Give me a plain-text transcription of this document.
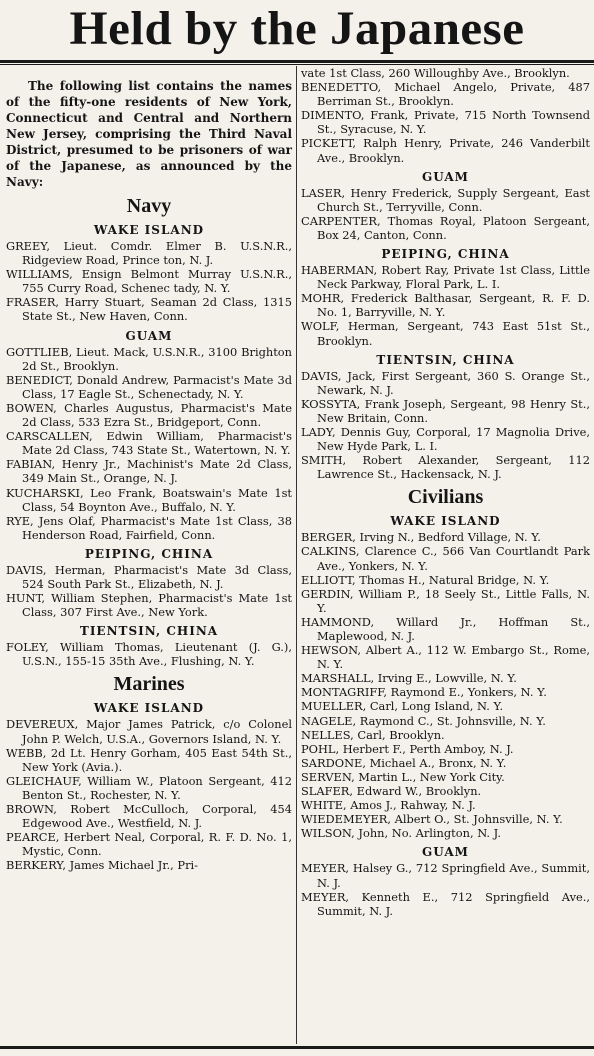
Held by the Japanese
The following list contains the names of the fifty-one residents of New York, Connecticut and Central and Northern New Jersey, comprising the Third Naval District, presumed to be prisoners of war of the Japanese, as announced by the Navy:
Navy
WAKE ISLAND
GREEY, Lieut. Comdr. Elmer B. U.S.N.R., Ridgeview Road, Prince ton, N. J.
WILLIAMS, Ensign Belmont Murray U.S.N.R., 755 Curry Road, Schenec tady, N. Y.
FRASER, Harry Stuart, Seaman 2d Class, 1315 State St., New Haven, Conn.
GUAM
GOTTLIEB, Lieut. Mack, U.S.N.R., 3100 Brighton 2d St., Brooklyn.
BENEDICT, Donald Andrew, Parmacist's Mate 3d Class, 17 Eagle St., Schenectady, N. Y.
BOWEN, Charles Augustus, Pharmacist's Mate 2d Class, 533 Ezra St., Bridgeport, Conn.
CARSCALLEN, Edwin William, Pharmacist's Mate 2d Class, 743 State St., Watertown, N. Y.
FABIAN, Henry Jr., Machinist's Mate 2d Class, 349 Main St., Orange, N. J.
KUCHARSKI, Leo Frank, Boatswain's Mate 1st Class, 54 Boynton Ave., Buffalo, N. Y.
RYE, Jens Olaf, Pharmacist's Mate 1st Class, 38 Henderson Road, Fairfield, Conn.
PEIPING, CHINA
DAVIS, Herman, Pharmacist's Mate 3d Class, 524 South Park St., Elizabeth, N. J.
HUNT, William Stephen, Pharmacist's Mate 1st Class, 307 First Ave., New York.
TIENTSIN, CHINA
FOLEY, William Thomas, Lieutenant (J. G.), U.S.N., 155-15 35th Ave., Flushing, N. Y.
Marines
WAKE ISLAND
DEVEREUX, Major James Patrick, c/o Colonel John P. Welch, U.S.A., Governors Island, N. Y.
WEBB, 2d Lt. Henry Gorham, 405 East 54th St., New York (Avia.).
GLEICHAUF, William W., Platoon Sergeant, 412 Benton St., Rochester, N. Y.
BROWN, Robert McCulloch, Corporal, 454 Edgewood Ave., Westfield, N. J.
PEARCE, Herbert Neal, Corporal, R. F. D. No. 1, Mystic, Conn.
BERKERY, James Michael Jr., Pri-
vate 1st Class, 260 Willoughby Ave., Brooklyn.
BENEDETTO, Michael Angelo, Private, 487 Berriman St., Brooklyn.
DIMENTO, Frank, Private, 715 North Townsend St., Syracuse, N. Y.
PICKETT, Ralph Henry, Private, 246 Vanderbilt Ave., Brooklyn.
GUAM
LASER, Henry Frederick, Supply Sergeant, East Church St., Terryville, Conn.
CARPENTER, Thomas Royal, Platoon Sergeant, Box 24, Canton, Conn.
PEIPING, CHINA
HABERMAN, Robert Ray, Private 1st Class, Little Neck Parkway, Floral Park, L. I.
MOHR, Frederick Balthasar, Sergeant, R. F. D. No. 1, Barryville, N. Y.
WOLF, Herman, Sergeant, 743 East 51st St., Brooklyn.
TIENTSIN, CHINA
DAVIS, Jack, First Sergeant, 360 S. Orange St., Newark, N. J.
KOSSYTA, Frank Joseph, Sergeant, 98 Henry St., New Britain, Conn.
LADY, Dennis Guy, Corporal, 17 Magnolia Drive, New Hyde Park, L. I.
SMITH, Robert Alexander, Sergeant, 112 Lawrence St., Hackensack, N. J.
Civilians
WAKE ISLAND
BERGER, Irving N., Bedford Village, N. Y.
CALKINS, Clarence C., 566 Van Courtlandt Park Ave., Yonkers, N. Y.
ELLIOTT, Thomas H., Natural Bridge, N. Y.
GERDIN, William P., 18 Seely St., Little Falls, N. Y.
HAMMOND, Willard Jr., Hoffman St., Maplewood, N. J.
HEWSON, Albert A., 112 W. Embargo St., Rome, N. Y.
MARSHALL, Irving E., Lowville, N. Y.
MONTAGRIFF, Raymond E., Yonkers, N. Y.
MUELLER, Carl, Long Island, N. Y.
NAGELE, Raymond C., St. Johnsville, N. Y.
NELLES, Carl, Brooklyn.
POHL, Herbert F., Perth Amboy, N. J.
SARDONE, Michael A., Bronx, N. Y.
SERVEN, Martin L., New York City.
SLAFER, Edward W., Brooklyn.
WHITE, Amos J., Rahway, N. J.
WIEDEMEYER, Albert O., St. Johnsville, N. Y.
WILSON, John, No. Arlington, N. J.
GUAM
MEYER, Halsey G., 712 Springfield Ave., Summit, N. J.
MEYER, Kenneth E., 712 Springfield Ave., Summit, N. J.
